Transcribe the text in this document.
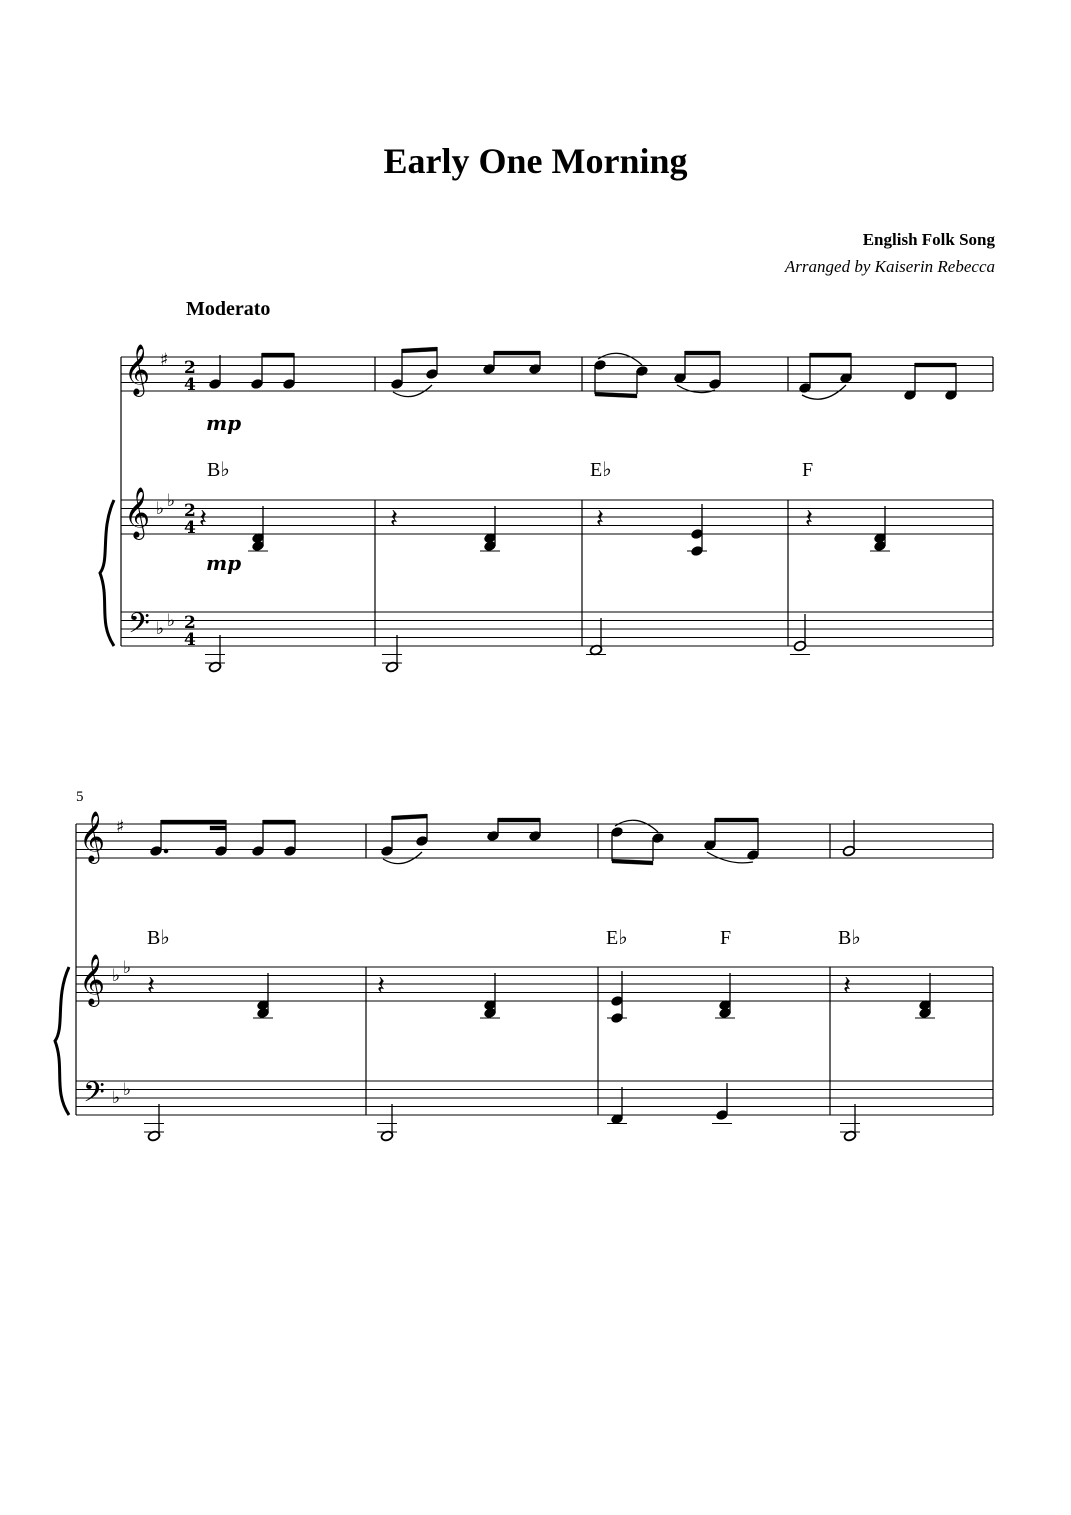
Early One Morning
English Folk Song
Arranged by Kaiserin Rebecca
Moderato
𝄞 ♯ 2
4
𝄞 ♭ ♭ 2
4
𝄢 ♭ ♭ 2
4
𝄽	𝄽	𝄽	𝄽
𝄞 ♯
𝄞 ♭ ♭
𝄢 ♭ ♭
𝄽	𝄽	𝄽
mp
mp
B♭	E♭	F
5
B♭	E♭	F	B♭
